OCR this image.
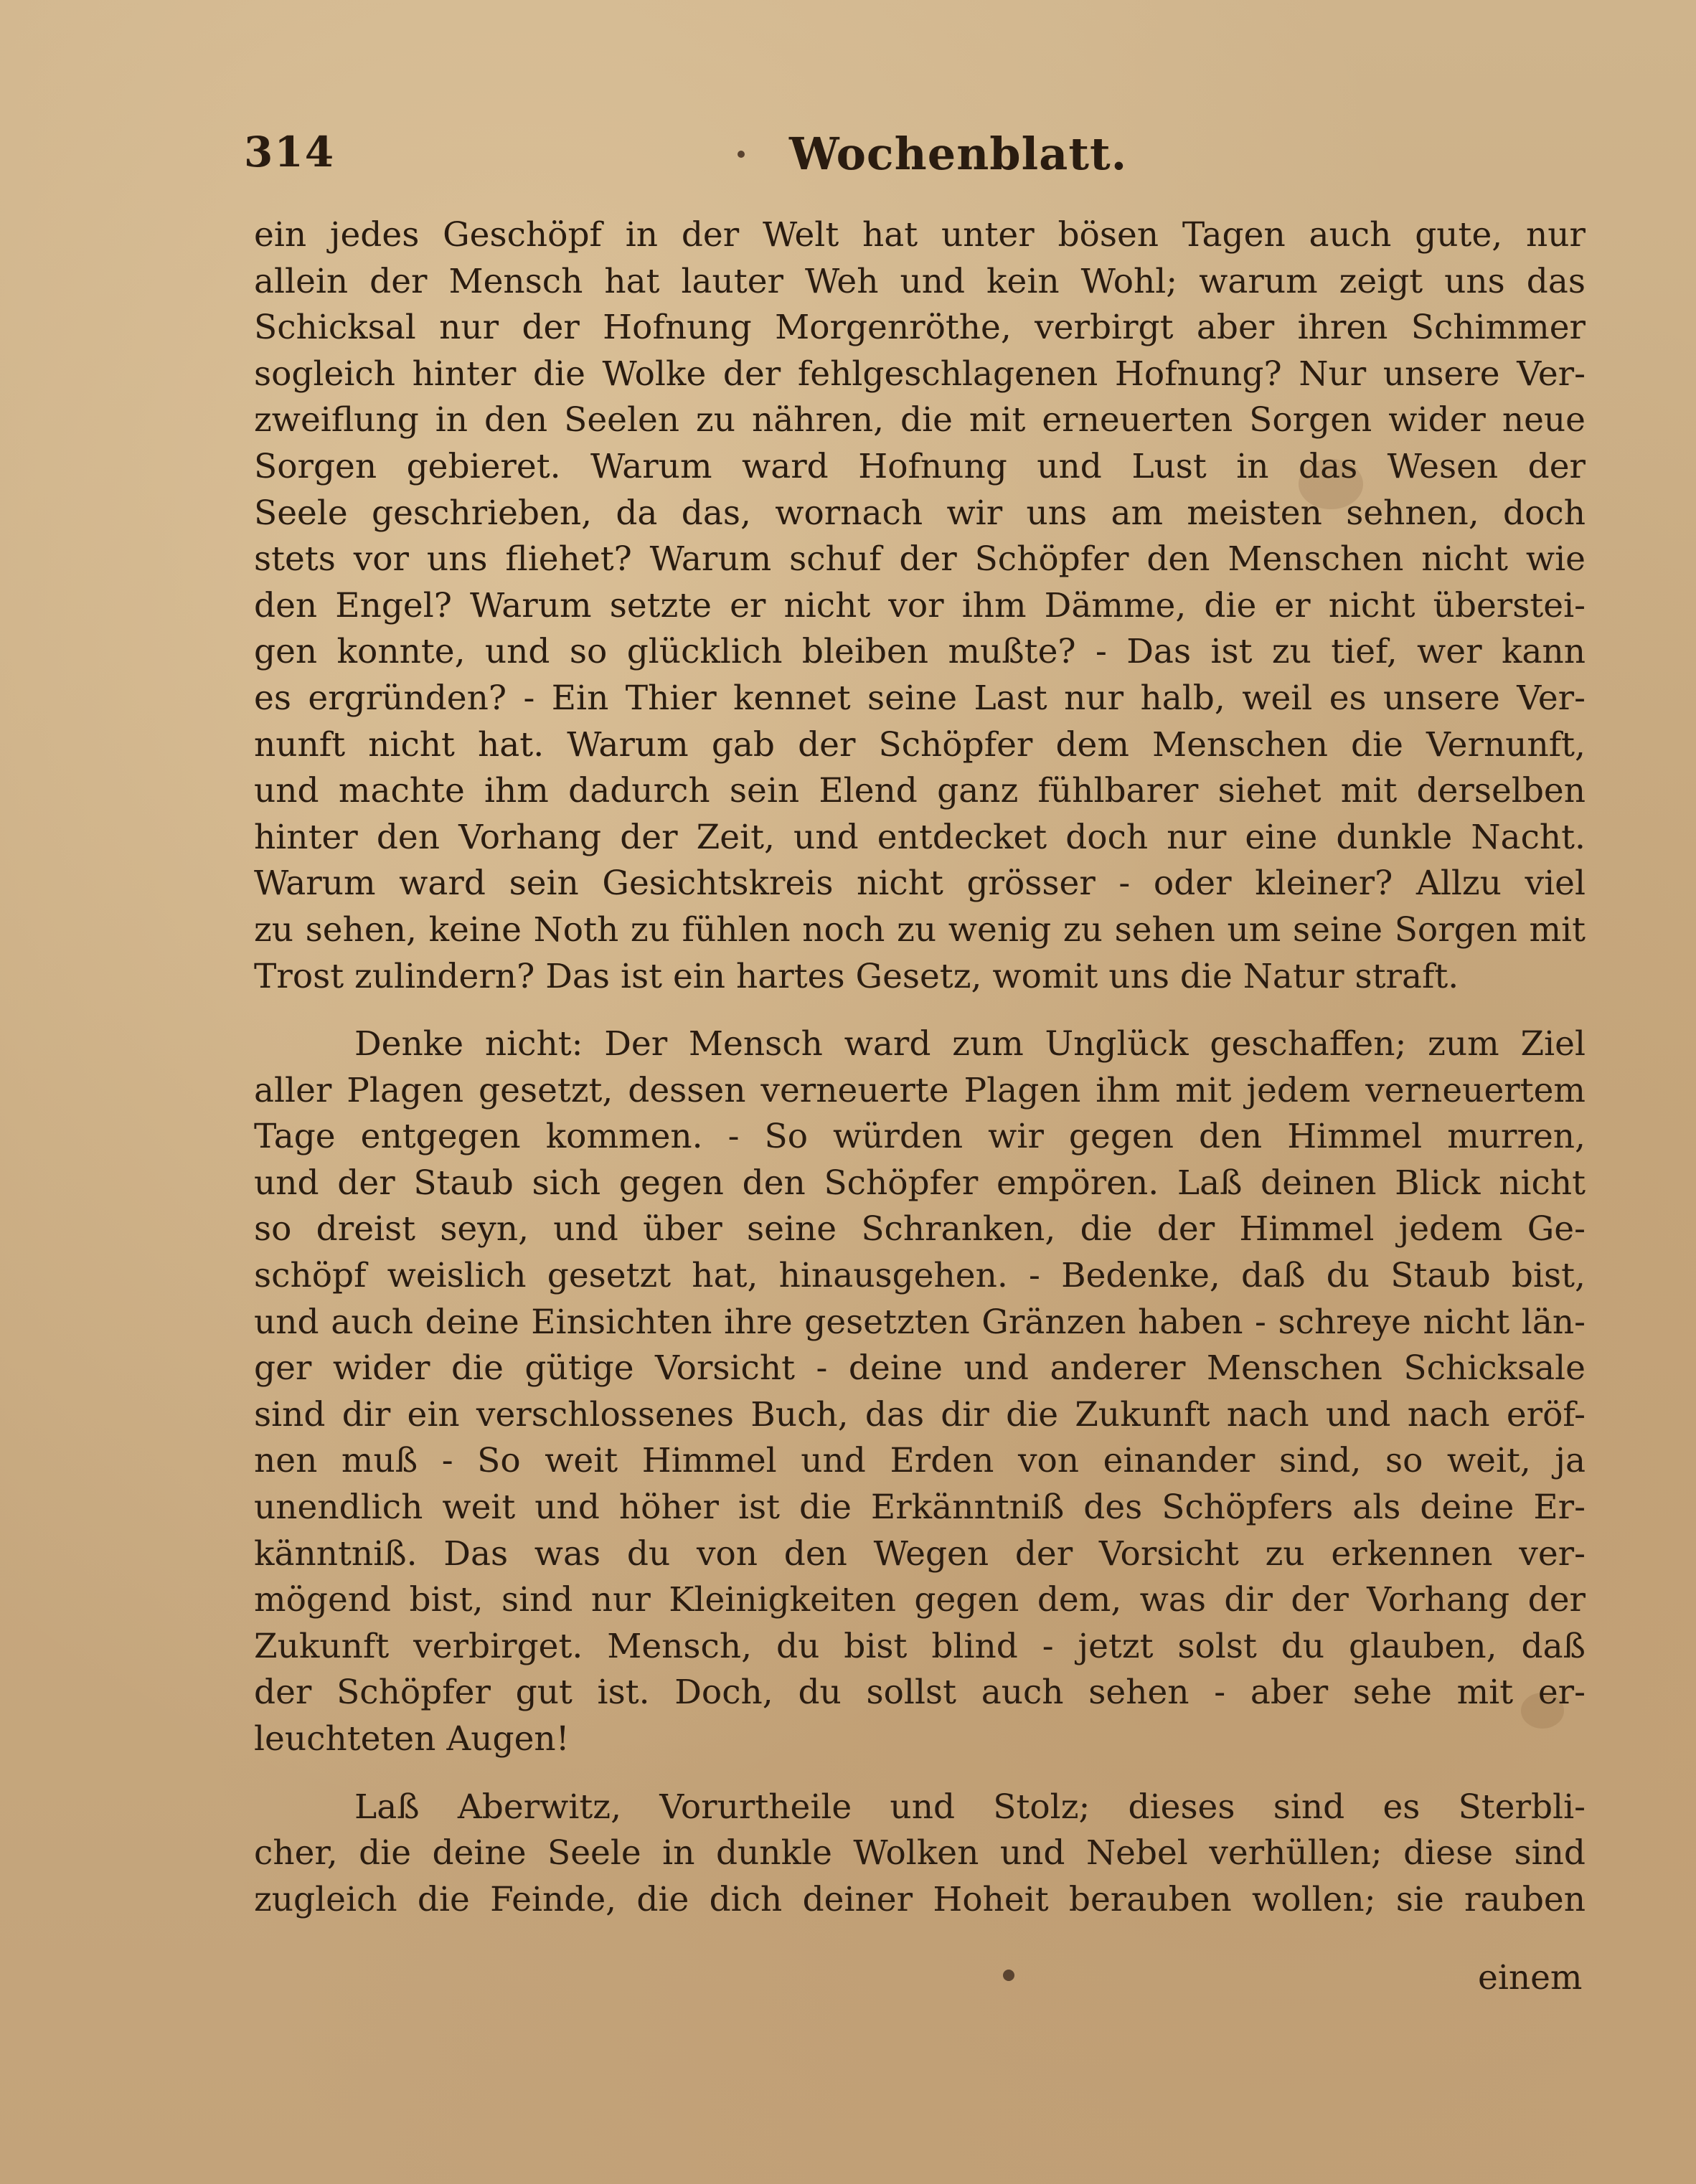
314	Wochenblatt.
ein jedes Geschöpf in der Welt hat unter bösen Tagen auch gute, nur
allein der Mensch hat lauter Weh und kein Wohl; warum zeigt uns das
Schicksal nur der Hofnung Morgenröthe, verbirgt aber ihren Schimmer
sogleich hinter die Wolke der fehlgeschlagenen Hofnung? Nur unsere Ver-
zweiflung in den Seelen zu nähren, die mit erneuerten Sorgen wider neue
Sorgen gebieret. Warum ward Hofnung und Lust in das Wesen der
Seele geschrieben, da das, wornach wir uns am meisten sehnen, doch
stets vor uns fliehet? Warum schuf der Schöpfer den Menschen nicht wie
den Engel? Warum setzte er nicht vor ihm Dämme, die er nicht überstei-
gen konnte, und so glücklich bleiben mußte? - Das ist zu tief, wer kann
es ergründen? - Ein Thier kennet seine Last nur halb, weil es unsere Ver-
nunft nicht hat. Warum gab der Schöpfer dem Menschen die Vernunft,
und machte ihm dadurch sein Elend ganz fühlbarer siehet mit derselben
hinter den Vorhang der Zeit, und entdecket doch nur eine dunkle Nacht.
Warum ward sein Gesichtskreis nicht grösser - oder kleiner? Allzu viel
zu sehen, keine Noth zu fühlen noch zu wenig zu sehen um seine Sorgen mit
Trost zulindern? Das ist ein hartes Gesetz, womit uns die Natur straft.
Denke nicht: Der Mensch ward zum Unglück geschaffen; zum Ziel
aller Plagen gesetzt, dessen verneuerte Plagen ihm mit jedem verneuertem
Tage entgegen kommen. - So würden wir gegen den Himmel murren,
und der Staub sich gegen den Schöpfer empören. Laß deinen Blick nicht
so dreist seyn, und über seine Schranken, die der Himmel jedem Ge-
schöpf weislich gesetzt hat, hinausgehen. - Bedenke, daß du Staub bist,
und auch deine Einsichten ihre gesetzten Gränzen haben - schreye nicht län-
ger wider die gütige Vorsicht - deine und anderer Menschen Schicksale
sind dir ein verschlossenes Buch, das dir die Zukunft nach und nach eröf-
nen muß - So weit Himmel und Erden von einander sind, so weit, ja
unendlich weit und höher ist die Erkänntniß des Schöpfers als deine Er-
känntniß. Das was du von den Wegen der Vorsicht zu erkennen ver-
mögend bist, sind nur Kleinigkeiten gegen dem, was dir der Vorhang der
Zukunft verbirget. Mensch, du bist blind - jetzt solst du glauben, daß
der Schöpfer gut ist. Doch, du sollst auch sehen - aber sehe mit er-
leuchteten Augen!
Laß Aberwitz, Vorurtheile und Stolz; dieses sind es Sterbli-
cher, die deine Seele in dunkle Wolken und Nebel verhüllen; diese sind
zugleich die Feinde, die dich deiner Hoheit berauben wollen; sie rauben
einem
